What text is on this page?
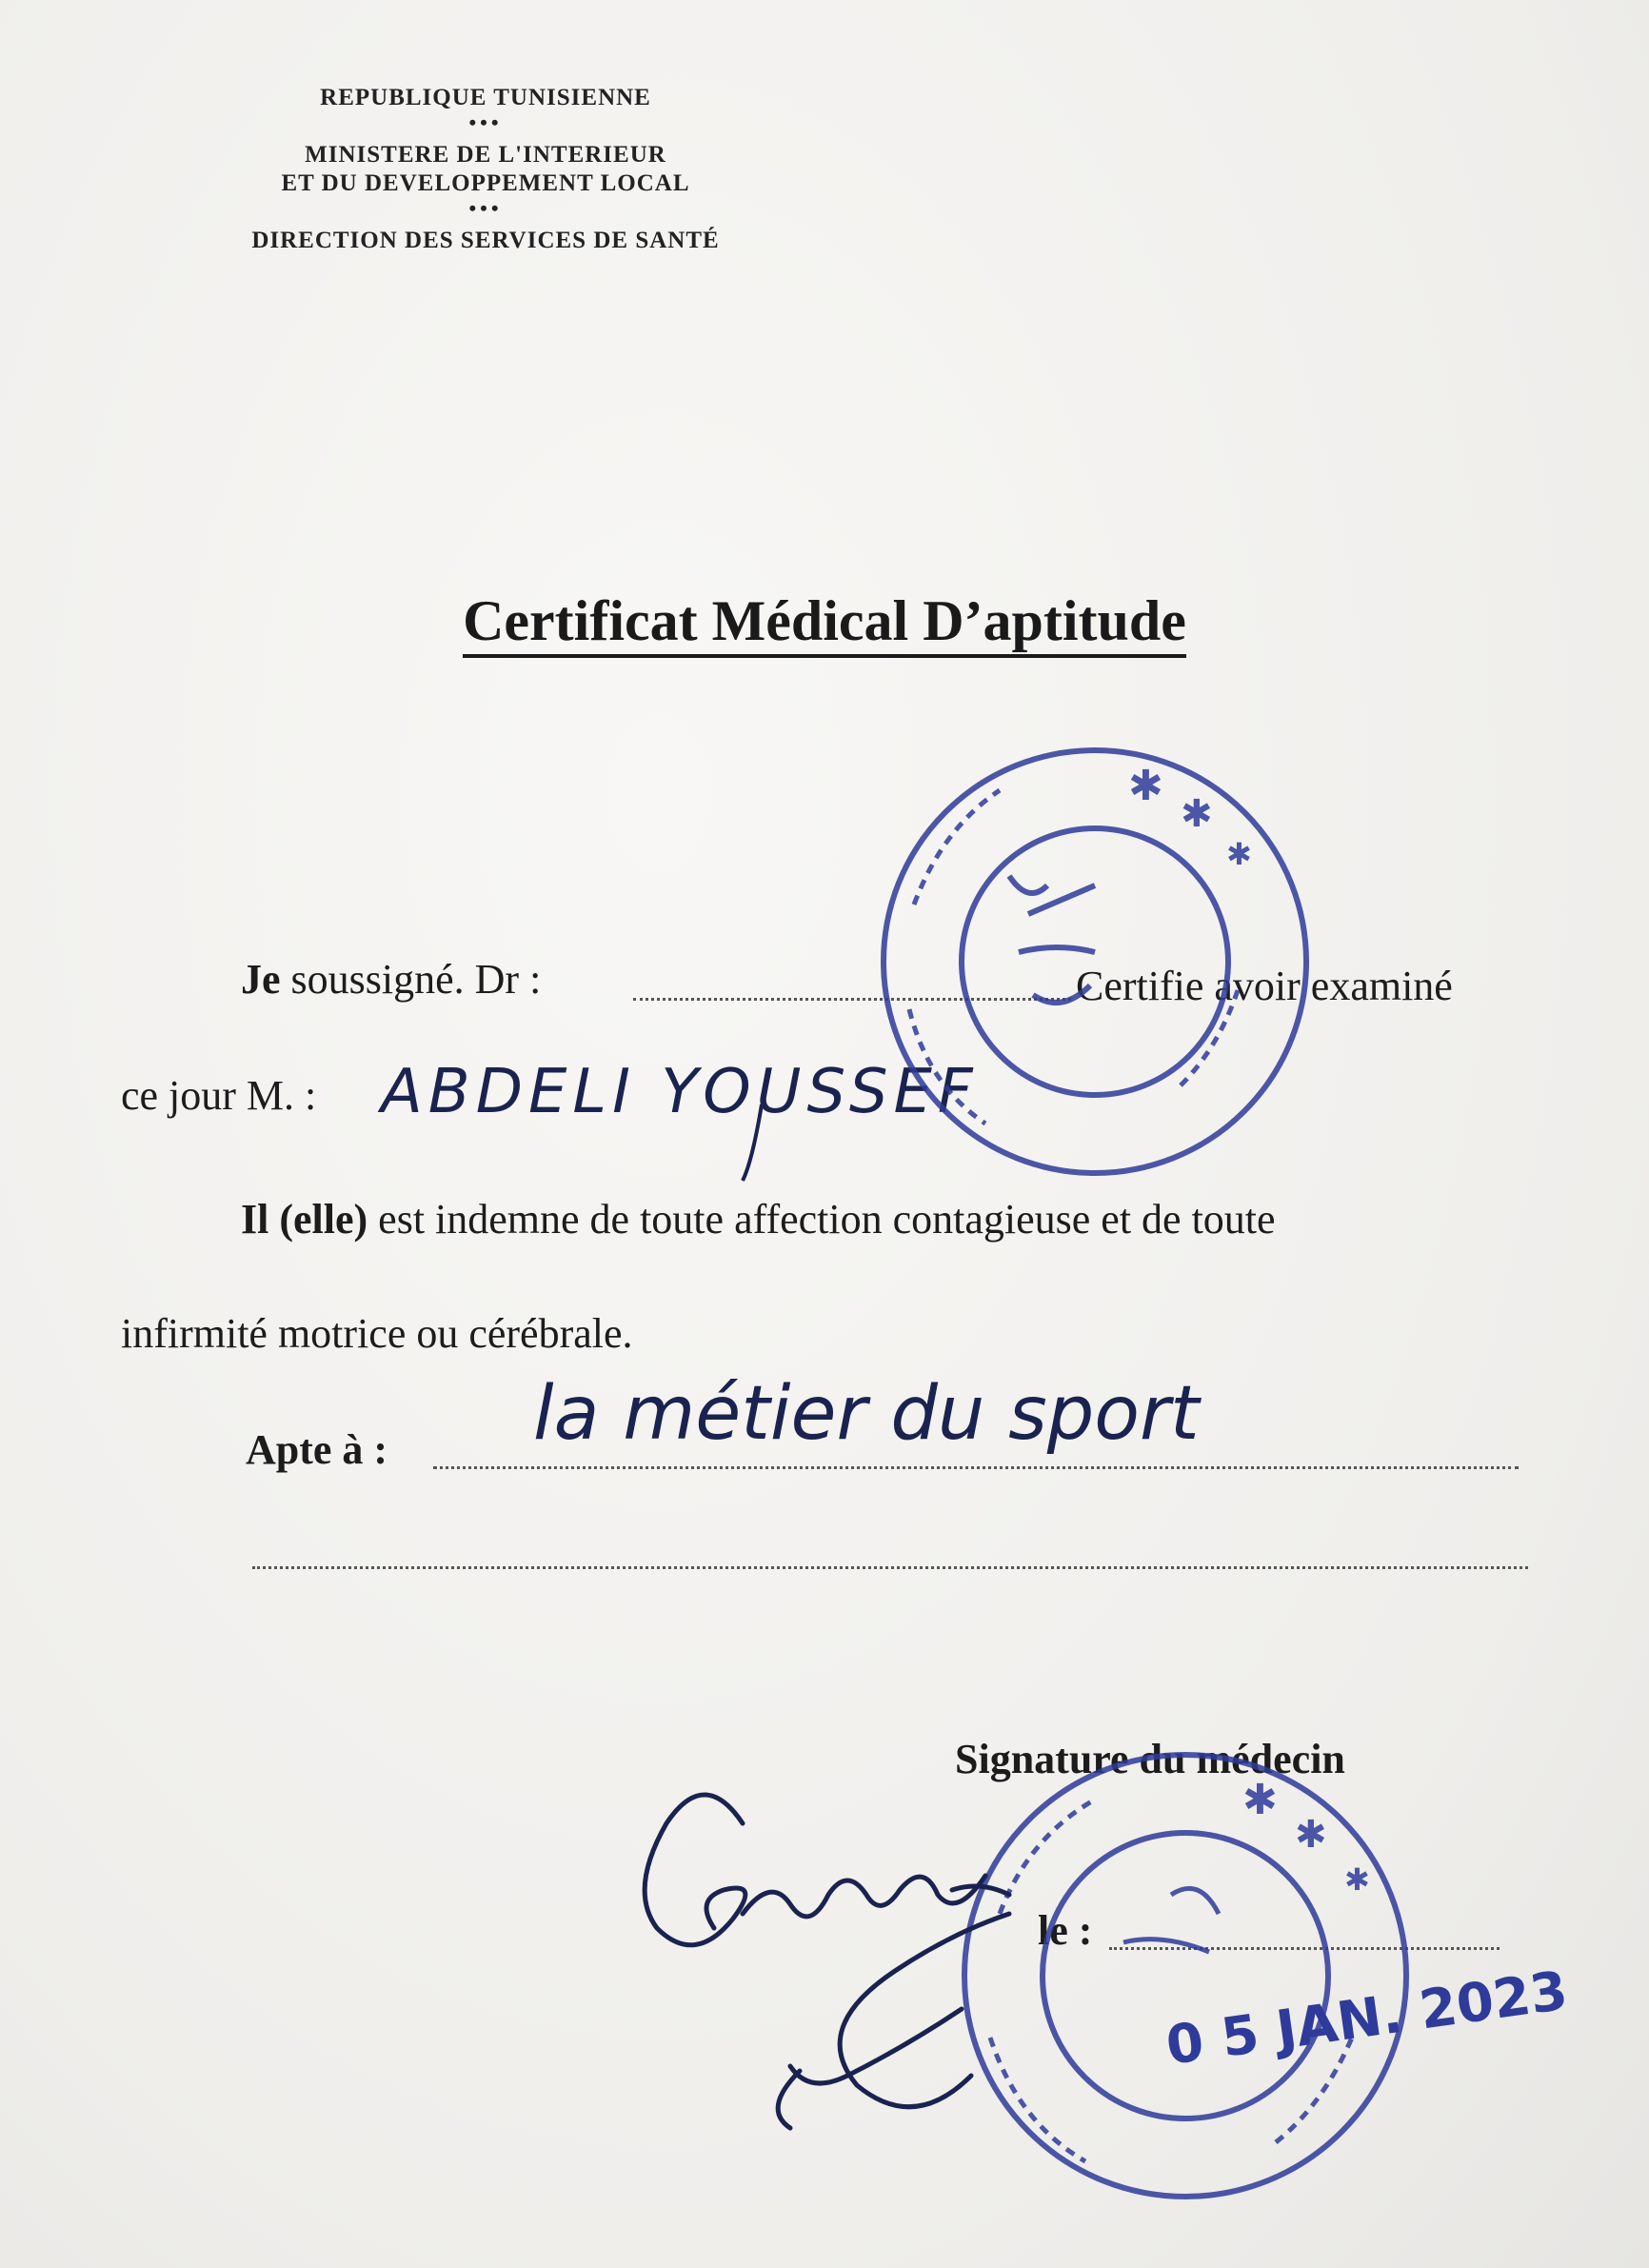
REPUBLIQUE TUNISIENNE
•••
MINISTERE DE L'INTERIEUR
ET DU DEVELOPPEMENT LOCAL
•••
DIRECTION DES SERVICES DE SANTÉ
Certificat Médical D’aptitude
Je soussigné. Dr :	Certifie avoir examiné
ce jour M. : ABDELI YOUSSEF
Il (elle) est indemne de toute affection contagieuse et de toute
infirmité motrice ou cérébrale.
Apte à : la métier du sport
Signature du médecin
le :
✱
✱
✱
✱
✱
✱
0 5 JAN. 2023
